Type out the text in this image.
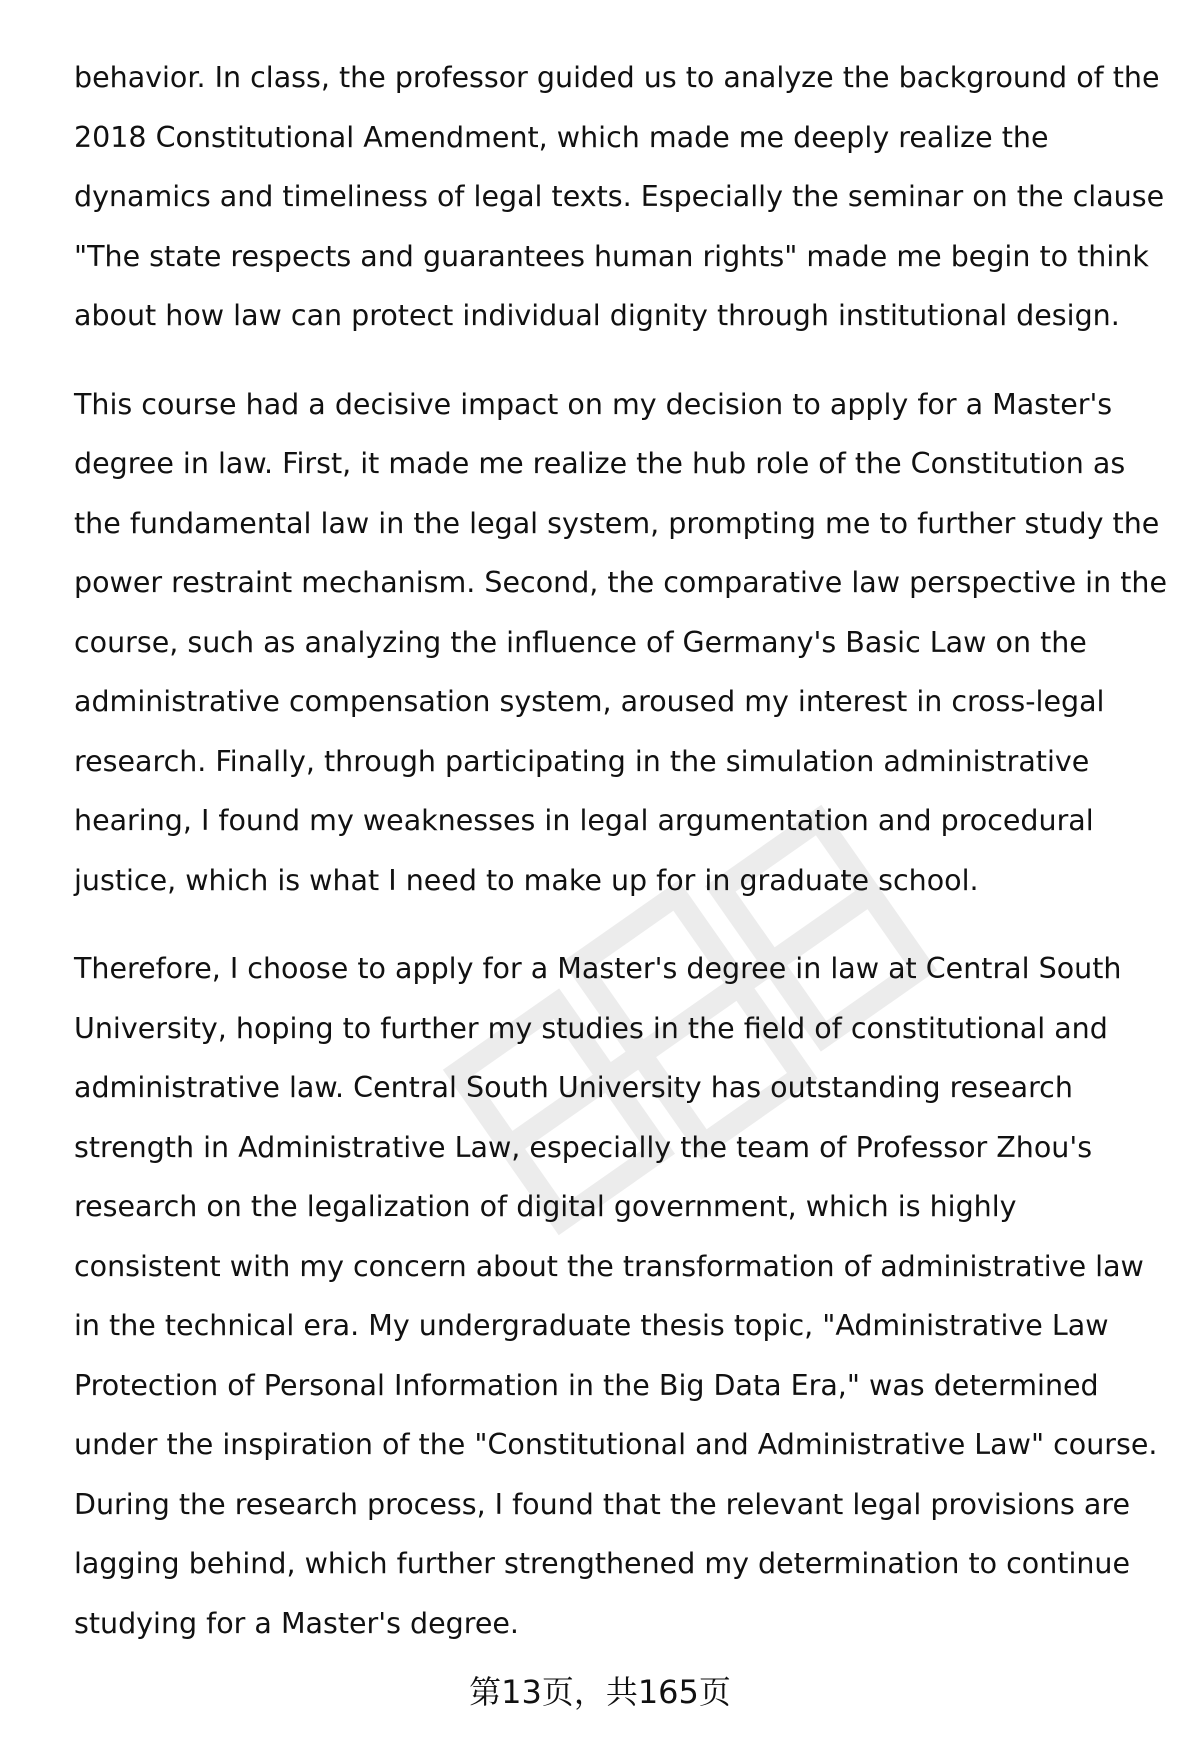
behavior. In class, the professor guided us to analyze the background of the
2018 Constitutional Amendment, which made me deeply realize the
dynamics and timeliness of legal texts. Especially the seminar on the clause
"The state respects and guarantees human rights" made me begin to think
about how law can protect individual dignity through institutional design.

This course had a decisive impact on my decision to apply for a Master's
degree in law. First, it made me realize the hub role of the Constitution as
the fundamental law in the legal system, prompting me to further study the
power restraint mechanism. Second, the comparative law perspective in the
course, such as analyzing the influence of Germany's Basic Law on the
administrative compensation system, aroused my interest in cross-legal
research. Finally, through participating in the simulation administrative
hearing, I found my weaknesses in legal argumentation and procedural
justice, which is what I need to make up for in graduate school.

Therefore, I choose to apply for a Master's degree in law at Central South
University, hoping to further my studies in the field of constitutional and
administrative law. Central South University has outstanding research
strength in Administrative Law, especially the team of Professor Zhou's
research on the legalization of digital government, which is highly
consistent with my concern about the transformation of administrative law
in the technical era. My undergraduate thesis topic, "Administrative Law
Protection of Personal Information in the Big Data Era," was determined
under the inspiration of the "Constitutional and Administrative Law" course.
During the research process, I found that the relevant legal provisions are
lagging behind, which further strengthened my determination to continue
studying for a Master's degree.

第13页，共165页
